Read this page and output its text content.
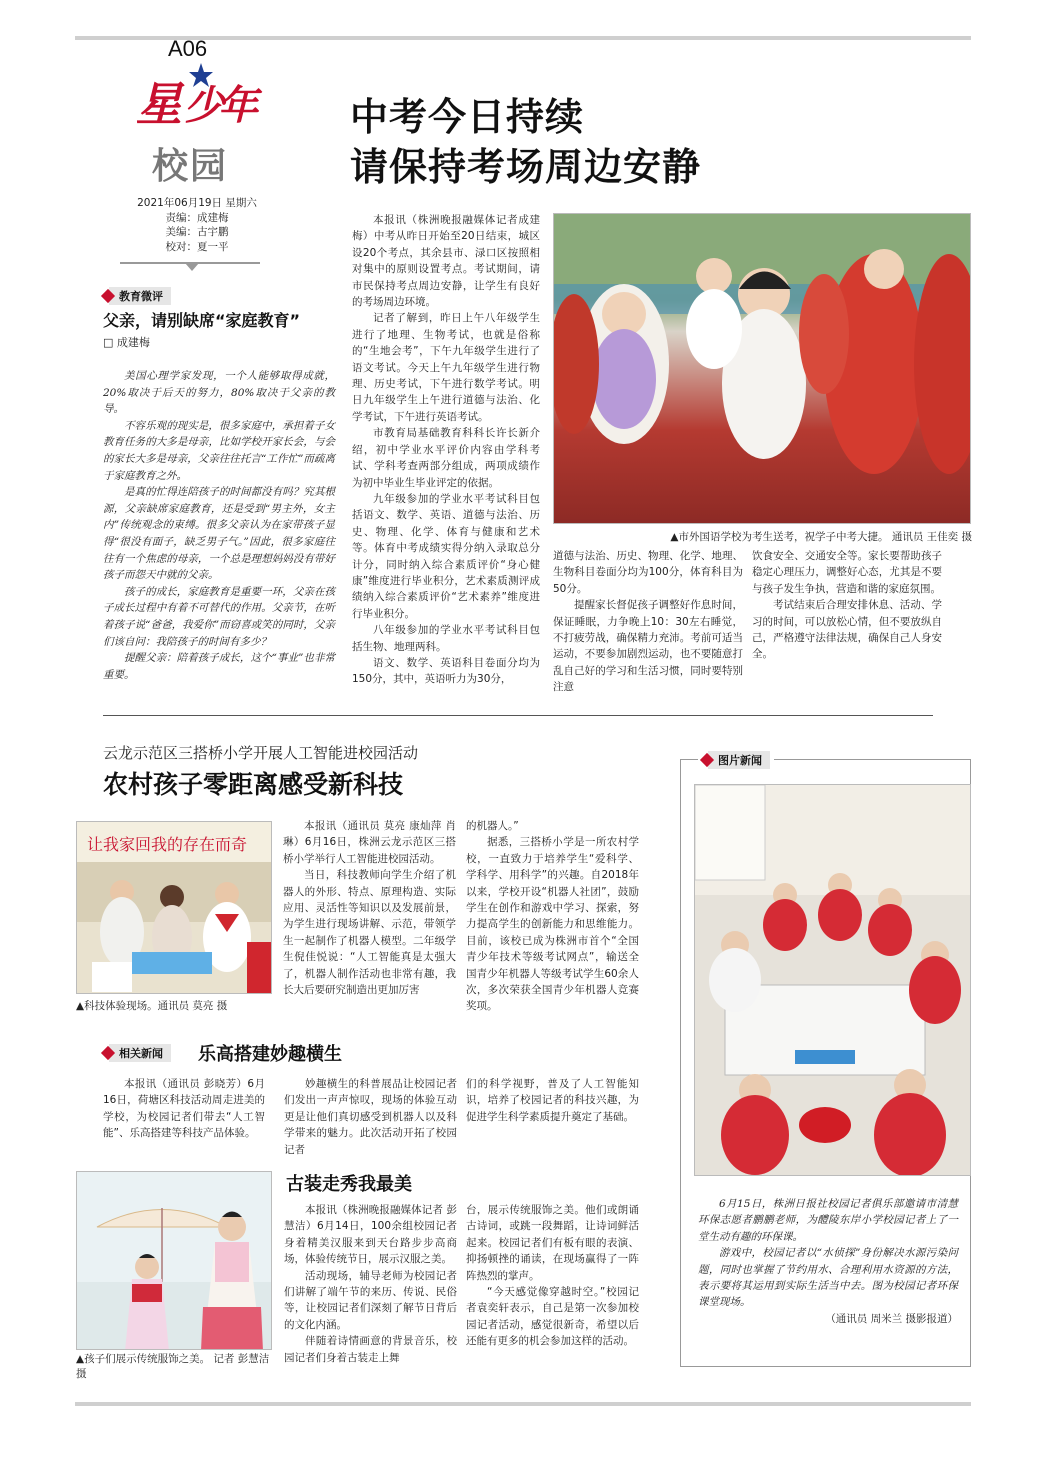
A06
星 少年
校园
2021年06月19日 星期六
责编：成建梅
美编：古宇鹏
校对：夏一平
中考今日持续
请保持考场周边安静

本报讯（株洲晚报融媒体记者成建梅）中考从昨日开始至20日结束，城区设20个考点，其余县市、渌口区按照相对集中的原则设置考点。考试期间，请市民保持考点周边安静，让学生有良好的考场周边环境。

记者了解到，昨日上午八年级学生进行了地理、生物考试，也就是俗称的“生地会考”，下午九年级学生进行了语文考试。今天上午九年级学生进行物理、历史考试，下午进行数学考试。明日九年级学生上午进行道德与法治、化学考试，下午进行英语考试。

市教育局基础教育科科长许长新介绍，初中学业水平评价内容由学科考试、学科考查两部分组成，两项成绩作为初中毕业生毕业评定的依据。

九年级参加的学业水平考试科目包括语文、数学、英语、道德与法治、历史、物理、化学、体育与健康和艺术等。体育中考成绩实得分纳入录取总分计分，同时纳入综合素质评价“身心健康”维度进行毕业积分，艺术素质测评成绩纳入综合素质评价“艺术素养”维度进行毕业积分。

八年级参加的学业水平考试科目包括生物、地理两科。

语文、数学、英语科目卷面分均为150分，其中，英语听力为30分，

▲市外国语学校为考生送考，祝学子中考大捷。 通讯员 王佳奕 摄

道德与法治、历史、物理、化学、地理、生物科目卷面分均为100分，体育科目为50分。

提醒家长督促孩子调整好作息时间，保证睡眠，力争晚上10：30左右睡觉，不打疲劳战，确保精力充沛。考前可适当运动，不要参加剧烈运动，也不要随意打乱自己好的学习和生活习惯，同时要特别注意

饮食安全、交通安全等。家长要帮助孩子稳定心理压力，调整好心态，尤其是不要与孩子发生争执，营造和谐的家庭氛围。

考试结束后合理安排休息、活动、学习的时间，可以放松心情，但不要放纵自己，严格遵守法律法规，确保自己人身安全。

教育微评
父亲，请别缺席“家庭教育”
□ 成建梅

美国心理学家发现，一个人能够取得成就，20%取决于后天的努力，80%取决于父亲的教导。

不容乐观的现实是，很多家庭中，承担着子女教育任务的大多是母亲，比如学校开家长会，与会的家长大多是母亲，父亲往往托言“工作忙”而疏离于家庭教育之外。

是真的忙得连陪孩子的时间都没有吗？究其根源，父亲缺席家庭教育，还是受到“男主外，女主内”传统观念的束缚。很多父亲认为在家带孩子显得“很没有面子，缺乏男子气。”因此，很多家庭往往有一个焦虑的母亲，一个总是理想妈妈没有带好孩子而怨天中就的父亲。

孩子的成长，家庭教育是重要一环，父亲在孩子成长过程中有着不可替代的作用。父亲节，在听着孩子说“爸爸，我爱你”而窃喜或笑的同时，父亲们该自问：我陪孩子的时间有多少？

提醒父亲：陪着孩子成长，这个“事业”也非常重要。

云龙示范区三搭桥小学开展人工智能进校园活动
农村孩子零距离感受新科技
让我家回我的存在而奇
▲科技体验现场。通讯员 莫亮 摄

本报讯（通讯员 莫亮 康灿萍 肖琳）6月16日，株洲云龙示范区三搭桥小学举行人工智能进校园活动。

当日，科技教师向学生介绍了机器人的外形、特点、原理构造、实际应用、灵活性等知识以及发展前景，为学生进行现场讲解、示范，带领学生一起制作了机器人模型。二年级学生倪佳悦说：“人工智能真是太强大了，机器人制作活动也非常有趣，我长大后要研究制造出更加厉害

的机器人。”

据悉，三搭桥小学是一所农村学校，一直致力于培养学生“爱科学、学科学、用科学”的兴趣。自2018年以来，学校开设“机器人社团”，鼓励学生在创作和游戏中学习、探索，努力提高学生的创新能力和思维能力。目前，该校已成为株洲市首个“全国青少年技术等级考试网点”，输送全国青少年机器人等级考试学生60余人次，多次荣获全国青少年机器人竞赛奖项。

相关新闻	乐高搭建妙趣横生

本报讯（通讯员 彭晓芳）6月16日，荷塘区科技活动周走进美的学校，为校园记者们带去“人工智能”、乐高搭建等科技产品体验。

妙趣横生的科普展品让校园记者们发出一声声惊叹，现场的体验互动更是让他们真切感受到机器人以及科学带来的魅力。此次活动开拓了校园记者

们的科学视野，普及了人工智能知识，培养了校园记者的科技兴趣，为促进学生科学素质提升奠定了基础。

古装走秀我最美
▲孩子们展示传统服饰之美。 记者 彭慧洁 摄

本报讯（株洲晚报融媒体记者 彭慧洁）6月14日，100余组校园记者身着精美汉服来到天台路步步高商场，体验传统节日，展示汉服之美。

活动现场，辅导老师为校园记者们讲解了端午节的来历、传说、民俗等，让校园记者们深刻了解节日背后的文化内涵。

伴随着诗情画意的背景音乐，校园记者们身着古装走上舞

台，展示传统服饰之美。他们或朗诵古诗词，或跳一段舞蹈，让诗词鲜活起来。校园记者们有板有眼的表演、抑扬顿挫的诵读，在现场赢得了一阵阵热烈的掌声。

“今天感觉像穿越时空。”校园记者袁奕轩表示，自己是第一次参加校园记者活动，感觉很新奇，希望以后还能有更多的机会参加这样的活动。

图片新闻

6月15日，株洲日报社校园记者俱乐部邀请市清慧环保志愿者鹏鹏老师，为醴陵东岸小学校园记者上了一堂生动有趣的环保课。

游戏中，校园记者以“水侦探”身份解决水源污染问题，同时也掌握了节约用水、合理利用水资源的方法，表示要将其运用到实际生活当中去。图为校园记者环保课堂现场。

（通讯员 周米兰 摄影报道）
